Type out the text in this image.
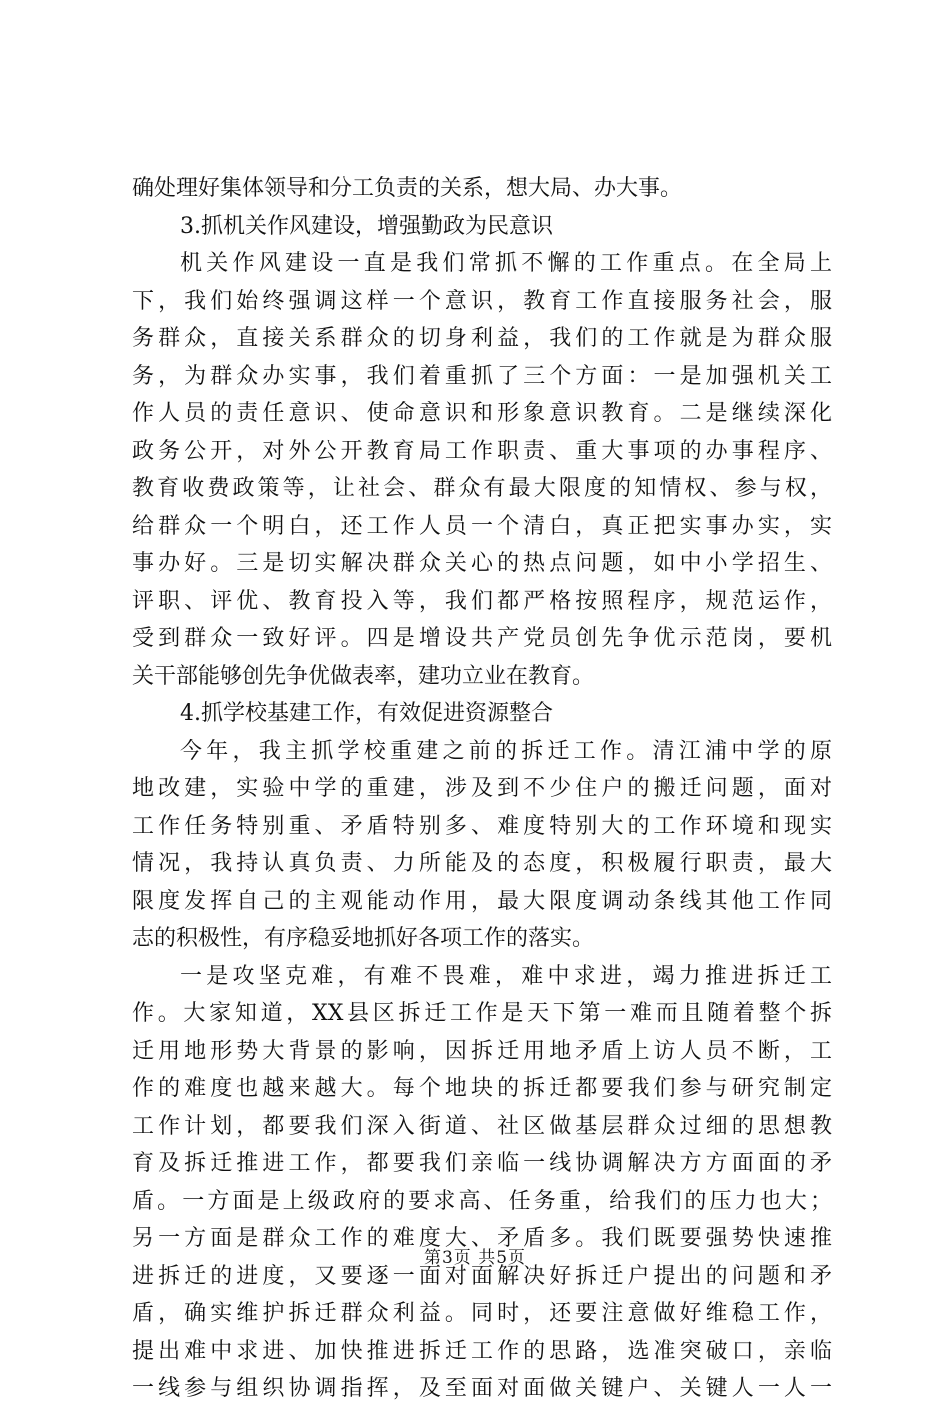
确处理好集体领导和分工负责的关系，想大局、办大事。
3.抓机关作风建设，增强勤政为民意识
机关作风建设一直是我们常抓不懈的工作重点。在全局上
下，我们始终强调这样一个意识，教育工作直接服务社会，服
务群众，直接关系群众的切身利益，我们的工作就是为群众服
务，为群众办实事，我们着重抓了三个方面：一是加强机关工
作人员的责任意识、使命意识和形象意识教育。二是继续深化
政务公开，对外公开教育局工作职责、重大事项的办事程序、
教育收费政策等，让社会、群众有最大限度的知情权、参与权，
给群众一个明白，还工作人员一个清白，真正把实事办实，实
事办好。三是切实解决群众关心的热点问题，如中小学招生、
评职、评优、教育投入等，我们都严格按照程序，规范运作，
受到群众一致好评。四是增设共产党员创先争优示范岗，要机
关干部能够创先争优做表率，建功立业在教育。
4.抓学校基建工作，有效促进资源整合
今年，我主抓学校重建之前的拆迁工作。清江浦中学的原
地改建，实验中学的重建，涉及到不少住户的搬迁问题，面对
工作任务特别重、矛盾特别多、难度特别大的工作环境和现实
情况，我持认真负责、力所能及的态度，积极履行职责，最大
限度发挥自己的主观能动作用，最大限度调动条线其他工作同
志的积极性，有序稳妥地抓好各项工作的落实。
一是攻坚克难，有难不畏难，难中求进，竭力推进拆迁工
作。大家知道，XX县区拆迁工作是天下第一难而且随着整个拆
迁用地形势大背景的影响，因拆迁用地矛盾上访人员不断，工
作的难度也越来越大。每个地块的拆迁都要我们参与研究制定
工作计划，都要我们深入街道、社区做基层群众过细的思想教
育及拆迁推进工作，都要我们亲临一线协调解决方方面面的矛
盾。一方面是上级政府的要求高、任务重，给我们的压力也大；
另一方面是群众工作的难度大、矛盾多。我们既要强势快速推
进拆迁的进度，又要逐一面对面解决好拆迁户提出的问题和矛
盾，确实维护拆迁群众利益。同时，还要注意做好维稳工作，
提出难中求进、加快推进拆迁工作的思路，选准突破口，亲临
一线参与组织协调指挥，及至面对面做关键户、关键人一人一
第3页 共5页
